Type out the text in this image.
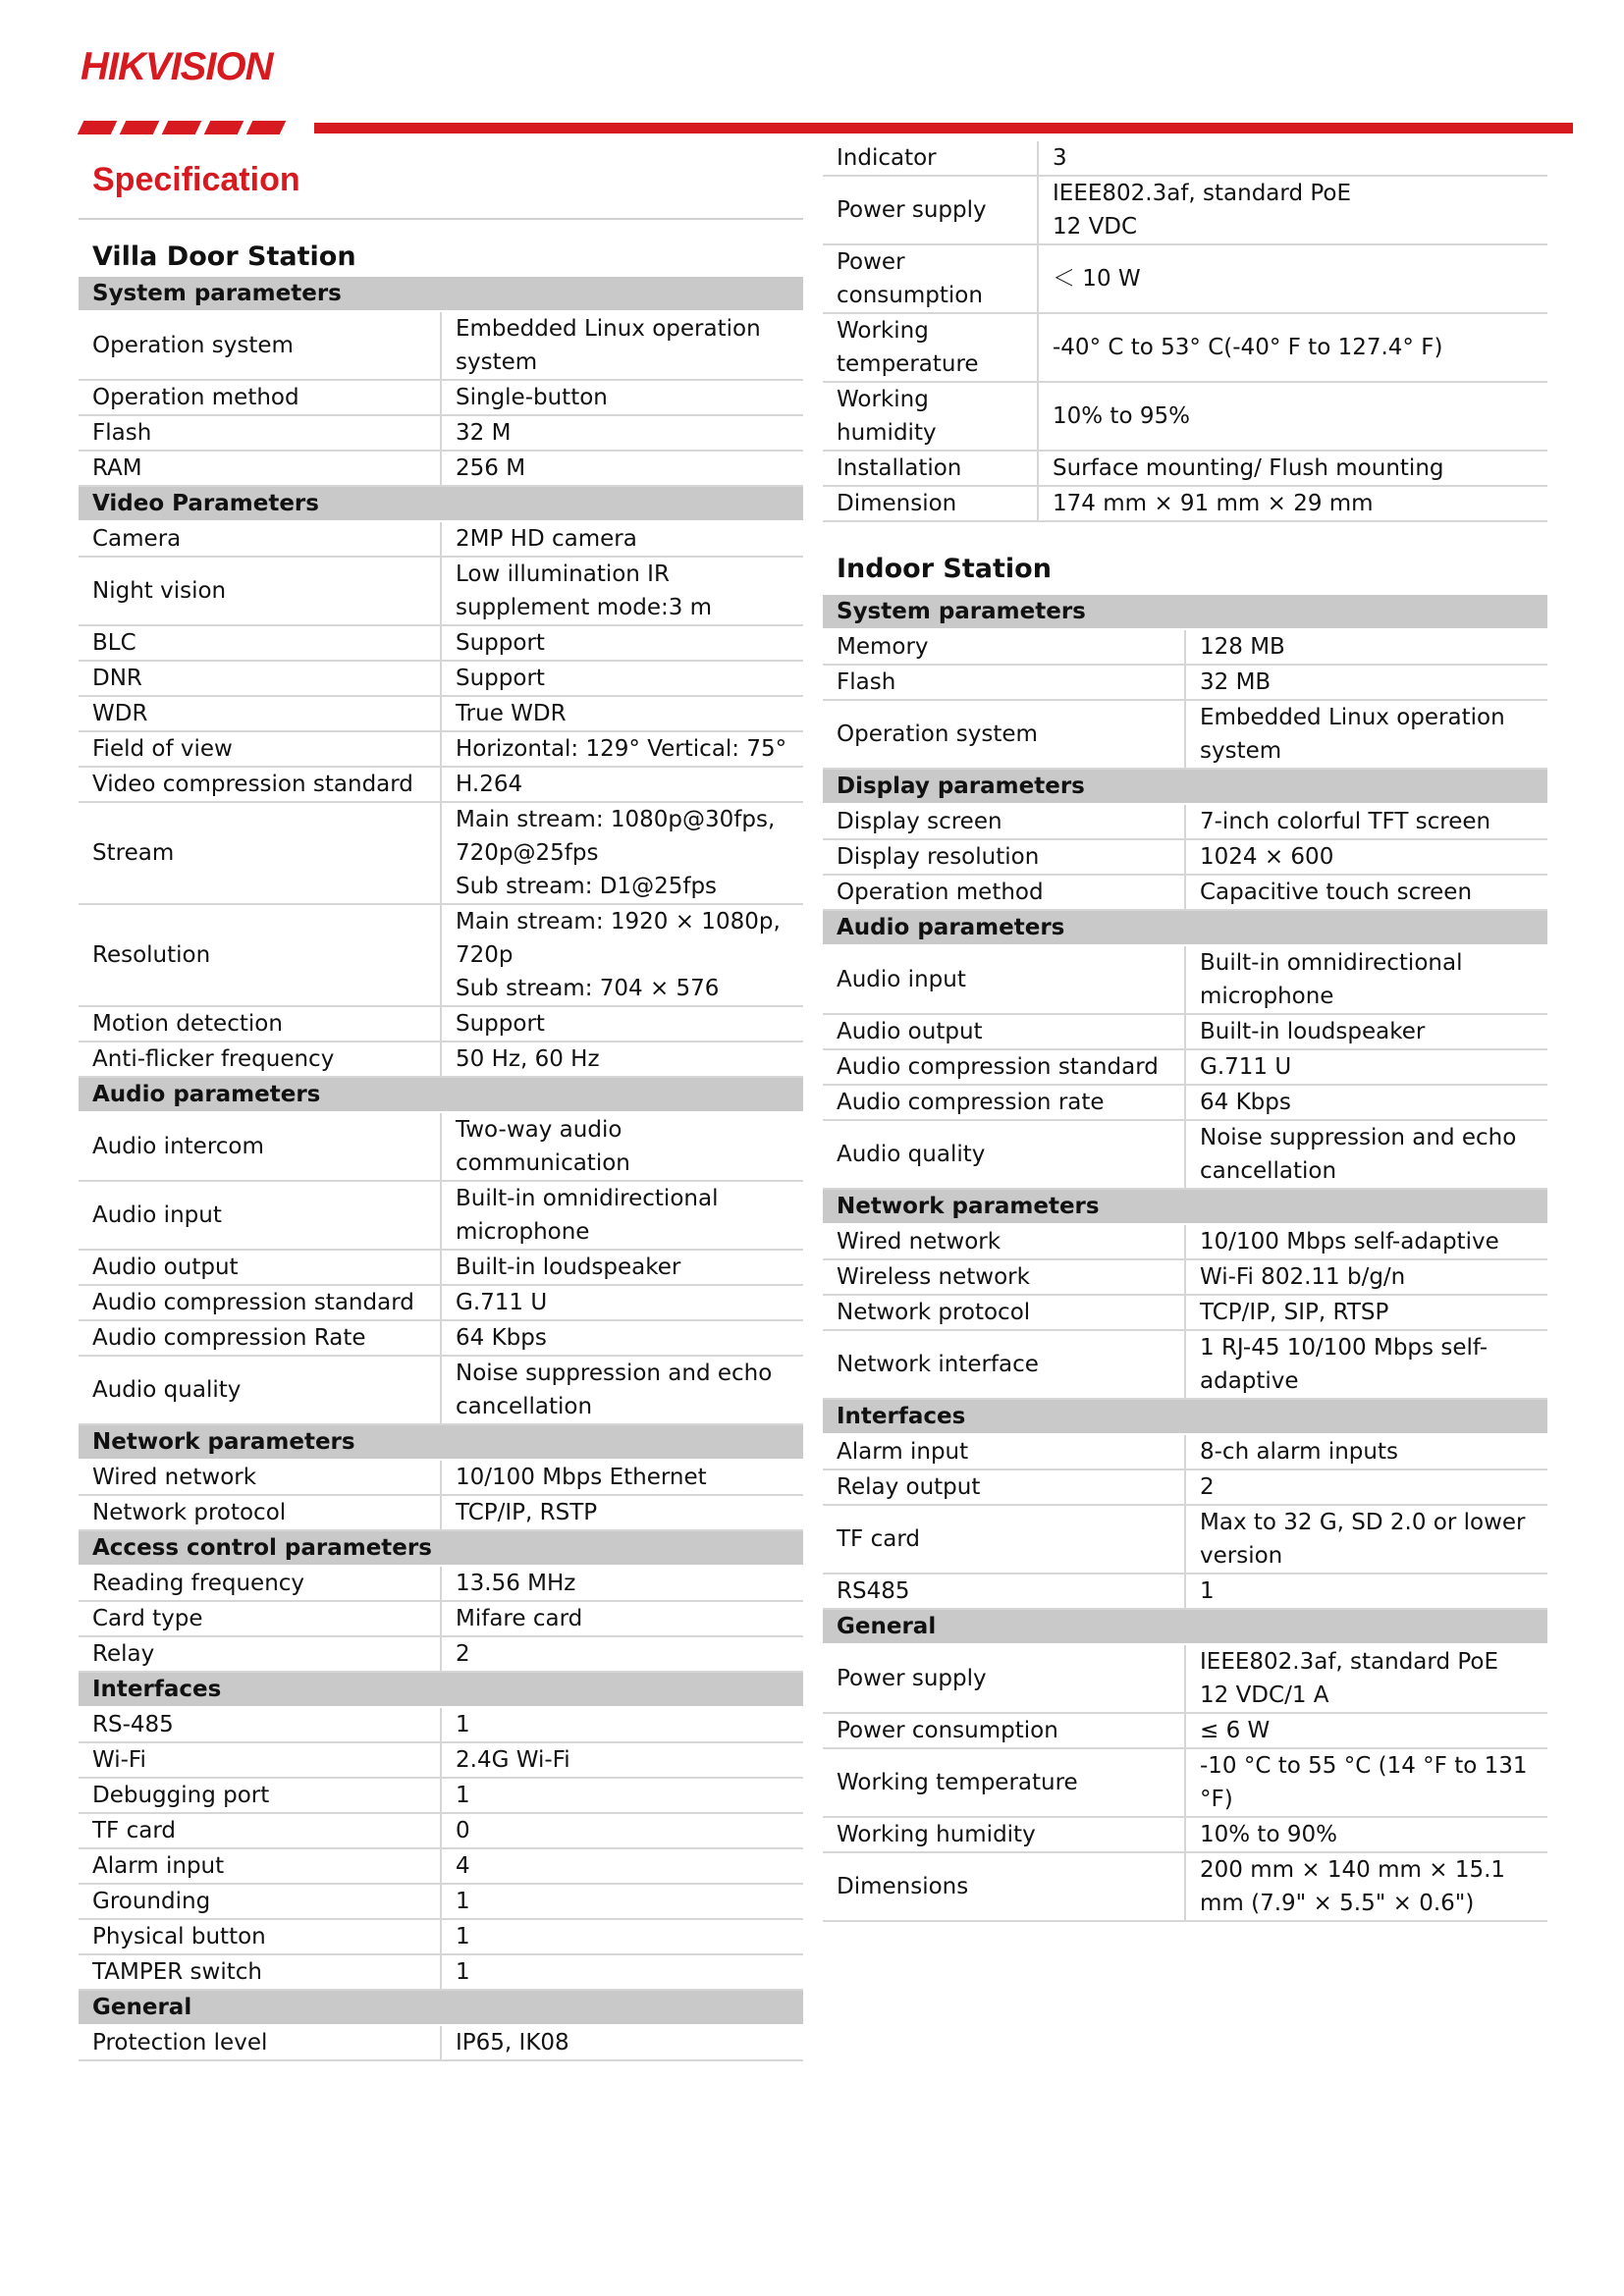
HIKVISION
Specification
Villa Door Station
System parameters	
Operation system	Embedded Linux operation system
Operation method	Single-button
Flash	32 M
RAM	256 M
Video Parameters	
Camera	2MP HD camera
Night vision	Low illumination IR supplement mode:3 m
BLC	Support
DNR	Support
WDR	True WDR
Field of view	Horizontal: 129° Vertical: 75°
Video compression standard	H.264
Stream	Main stream: 1080p@30fps, 720p@25fps
Sub stream: D1@25fps
Resolution	Main stream: 1920 × 1080p, 720p
Sub stream: 704 × 576
Motion detection	Support
Anti-flicker frequency	50 Hz, 60 Hz
Audio parameters	
Audio intercom	Two-way audio communication
Audio input	Built-in omnidirectional microphone
Audio output	Built-in loudspeaker
Audio compression standard	G.711 U
Audio compression Rate	64 Kbps
Audio quality	Noise suppression and echo cancellation
Network parameters	
Wired network	10/100 Mbps Ethernet
Network protocol	TCP/IP, RSTP
Access control parameters	
Reading frequency	13.56 MHz
Card type	Mifare card
Relay	2
Interfaces	
RS-485	1
Wi-Fi	2.4G Wi-Fi
Debugging port	1
TF card	0
Alarm input	4
Grounding	1
Physical button	1
TAMPER switch	1
General	
Protection level	IP65, IK08
Indicator	3
Power supply	IEEE802.3af, standard PoE
12 VDC
Power consumption	＜ 10 W
Working temperature	-40° C to 53° C(-40° F to 127.4° F)
Working humidity	10% to 95%
Installation	Surface mounting/ Flush mounting
Dimension	174 mm × 91 mm × 29 mm
Indoor Station
System parameters	
Memory	128 MB
Flash	32 MB
Operation system	Embedded Linux operation system
Display parameters	
Display screen	7-inch colorful TFT screen
Display resolution	1024 × 600
Operation method	Capacitive touch screen
Audio parameters	
Audio input	Built-in omnidirectional microphone
Audio output	Built-in loudspeaker
Audio compression standard	G.711 U
Audio compression rate	64 Kbps
Audio quality	Noise suppression and echo cancellation
Network parameters	
Wired network	10/100 Mbps self-adaptive
Wireless network	Wi-Fi 802.11 b/g/n
Network protocol	TCP/IP, SIP, RTSP
Network interface	1 RJ-45 10/100 Mbps self-adaptive
Interfaces	
Alarm input	8-ch alarm inputs
Relay output	2
TF card	Max to 32 G, SD 2.0 or lower version
RS485	1
General	
Power supply	IEEE802.3af, standard PoE
12 VDC/1 A
Power consumption	≤ 6 W
Working temperature	-10 °C to 55 °C (14 °F to 131 °F)
Working humidity	10% to 90%
Dimensions	200 mm × 140 mm × 15.1 mm (7.9" × 5.5" × 0.6")
